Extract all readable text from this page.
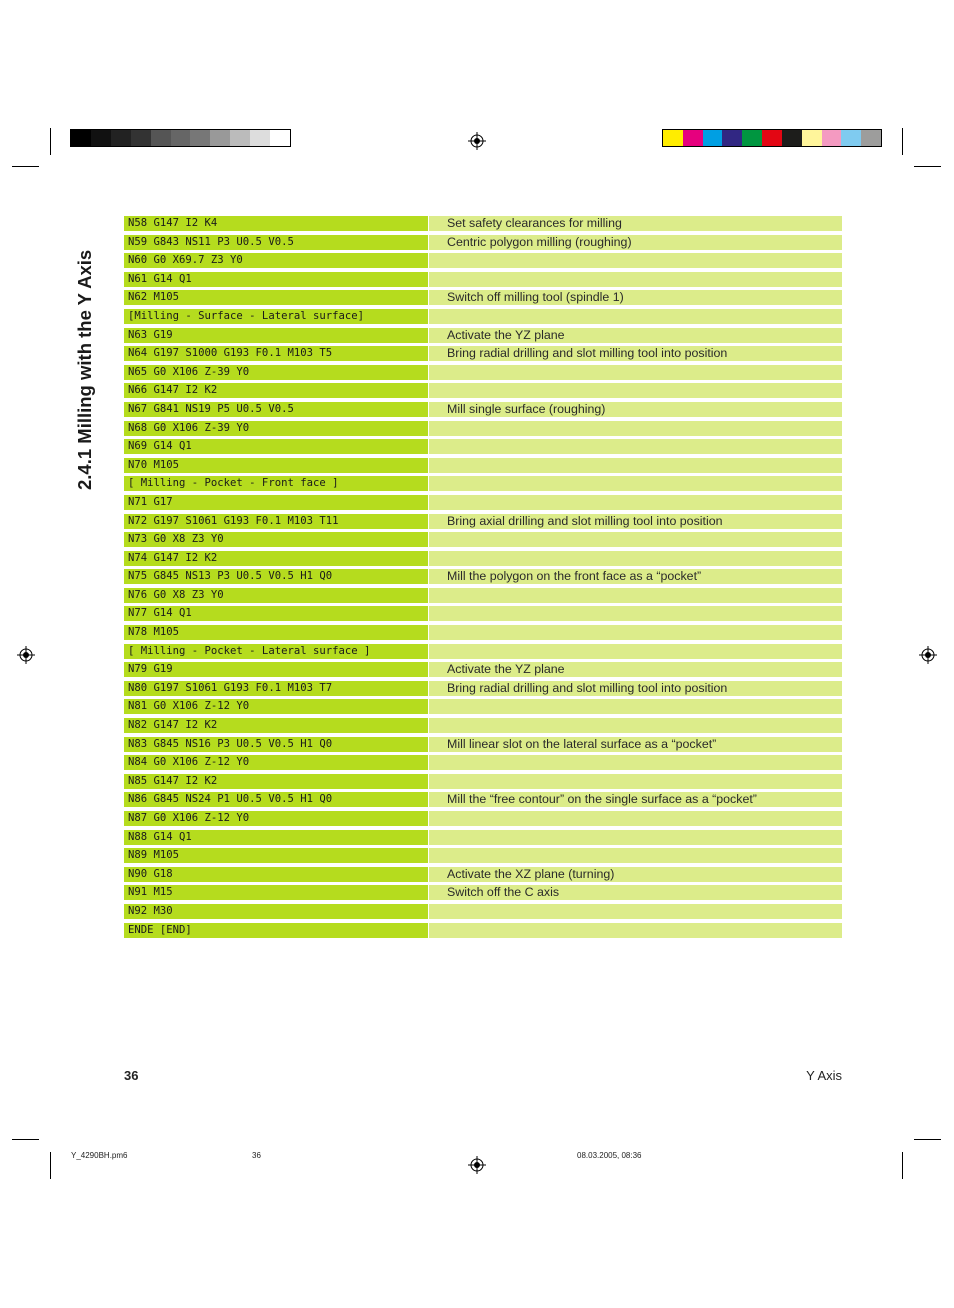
2.4.1 Milling with the Y Axis
N58 G147 I2 K4	Set safety clearances for milling
N59 G843 NS11 P3 U0.5 V0.5	Centric polygon milling (roughing)
N60 G0 X69.7 Z3 Y0
N61 G14 Q1
N62 M105	Switch off milling tool (spindle 1)
[Milling - Surface - Lateral surface]
N63 G19	Activate the YZ plane
N64 G197 S1000 G193 F0.1 M103 T5	Bring radial drilling and slot milling tool into position
N65 G0 X106 Z-39 Y0
N66 G147 I2 K2
N67 G841 NS19 P5 U0.5 V0.5	Mill single surface (roughing)
N68 G0 X106 Z-39 Y0
N69 G14 Q1
N70 M105
[ Milling - Pocket - Front face ]
N71 G17
N72 G197 S1061 G193 F0.1 M103 T11	Bring axial drilling and slot milling tool into position
N73 G0 X8 Z3 Y0
N74 G147 I2 K2
N75 G845 NS13 P3 U0.5 V0.5 H1 Q0	Mill the polygon on the front face as a “pocket”
N76 G0 X8 Z3 Y0
N77 G14 Q1
N78 M105
[ Milling - Pocket - Lateral surface ]
N79 G19	Activate the YZ plane
N80 G197 S1061 G193 F0.1 M103 T7	Bring radial drilling and slot milling tool into position
N81 G0 X106 Z-12 Y0
N82 G147 I2 K2
N83 G845 NS16 P3 U0.5 V0.5 H1 Q0	Mill linear slot on the lateral surface as a “pocket”
N84 G0 X106 Z-12 Y0
N85 G147 I2 K2
N86 G845 NS24 P1 U0.5 V0.5 H1 Q0	Mill the “free contour” on the single surface as a “pocket”
N87 G0 X106 Z-12 Y0
N88 G14 Q1
N89 M105
N90 G18	Activate the XZ plane (turning)
N91 M15	Switch off the C axis
N92 M30
ENDE [END]
36	Y Axis
Y_4290BH.pm6	36	08.03.2005, 08:36
